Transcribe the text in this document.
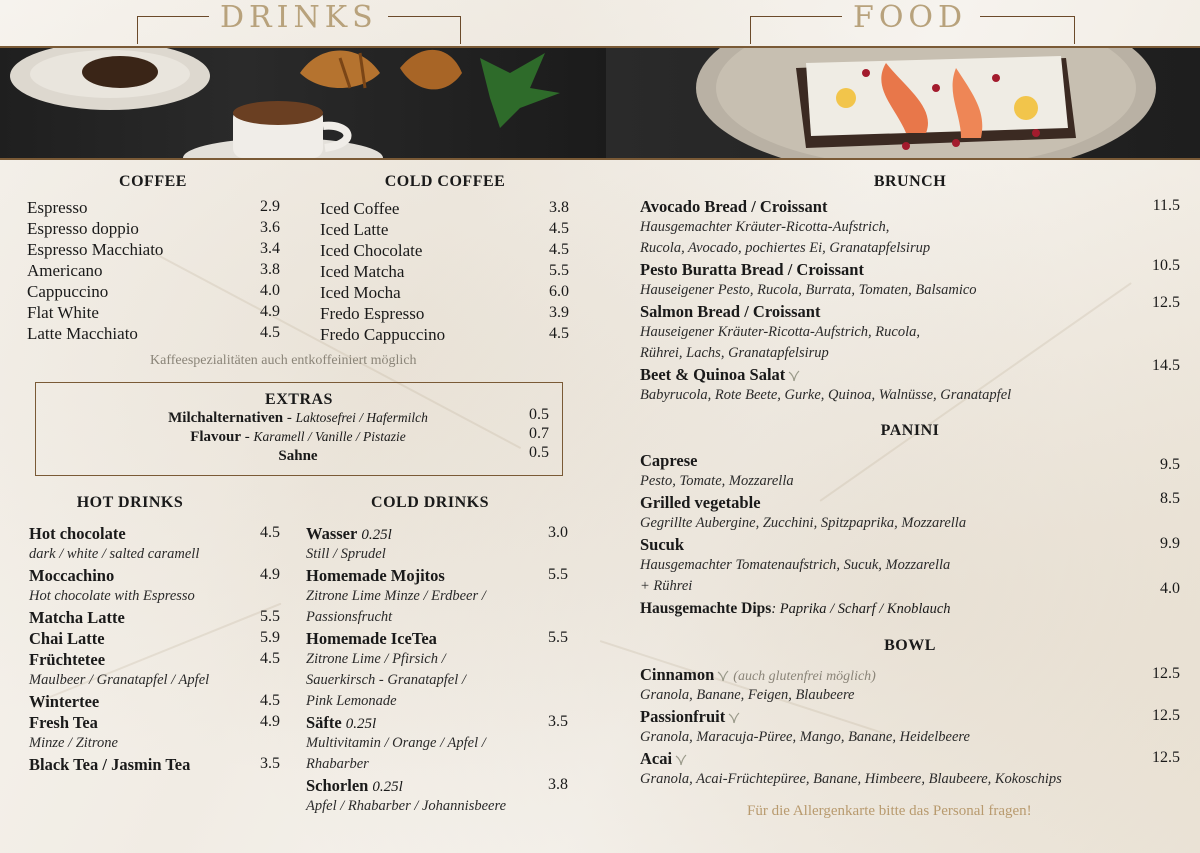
DRINKS	FOOD
COFFEE
Espresso	2.9
Espresso doppio	3.6
Espresso Macchiato	3.4
Americano	3.8
Cappuccino	4.0
Flat White	4.9
Latte Macchiato	4.5
COLD COFFEE
Iced Coffee	3.8
Iced Latte	4.5
Iced Chocolate	4.5
Iced Matcha	5.5
Iced Mocha	6.0
Fredo Espresso	3.9
Fredo Cappuccino	4.5
Kaffeespezialitäten auch entkoffeiniert möglich
EXTRAS
Milchalternativen - Laktosefrei / Hafermilch	0.5
Flavour - Karamell / Vanille / Pistazie	0.7
Sahne	0.5
HOT DRINKS
Hot chocolate	4.5
dark / white / salted caramell
Moccachino	4.9
Hot chocolate with Espresso
Matcha Latte	5.5
Chai Latte	5.9
Früchtetee	4.5
Maulbeer / Granatapfel / Apfel
Wintertee	4.5
Fresh Tea	4.9
Minze / Zitrone
Black Tea / Jasmin Tea	3.5
COLD DRINKS
Wasser 0.25l	3.0
Still / Sprudel
Homemade Mojitos	5.5
Zitrone Lime Minze / Erdbeer /
Passionsfrucht
Homemade IceTea	5.5
Zitrone Lime / Pfirsich /
Sauerkirsch - Granatapfel /
Pink Lemonade
Säfte 0.25l	3.5
Multivitamin / Orange / Apfel /
Rhabarber
Schorlen 0.25l	3.8
Apfel / Rhabarber / Johannisbeere
BRUNCH
Avocado Bread / Croissant	11.5
Hausgemachter Kräuter-Ricotta-Aufstrich,
Rucola, Avocado, pochiertes Ei, Granatapfelsirup
Pesto Buratta Bread / Croissant	10.5
Hauseigener Pesto, Rucola, Burrata, Tomaten, Balsamico
Salmon Bread / Croissant	12.5
Hauseigener Kräuter-Ricotta-Aufstrich, Rucola,
Rührei, Lachs, Granatapfelsirup
Beet & Quinoa Salat	14.5
Babyrucola, Rote Beete, Gurke, Quinoa, Walnüsse, Granatapfel
PANINI
Caprese	9.5
Pesto, Tomate, Mozzarella
Grilled vegetable	8.5
Gegrillte Aubergine, Zucchini, Spitzpaprika, Mozzarella
Sucuk	9.9
Hausgemachter Tomatenaufstrich, Sucuk, Mozzarella
+ Rührei	4.0
Hausgemachte Dips: Paprika / Scharf / Knoblauch
BOWL
Cinnamon (auch glutenfrei möglich)	12.5
Granola, Banane, Feigen, Blaubeere
Passionfruit	12.5
Granola, Maracuja-Püree, Mango, Banane, Heidelbeere
Acai	12.5
Granola, Acai-Früchtepüree, Banane, Himbeere, Blaubeere, Kokoschips
Für die Allergenkarte bitte das Personal fragen!
